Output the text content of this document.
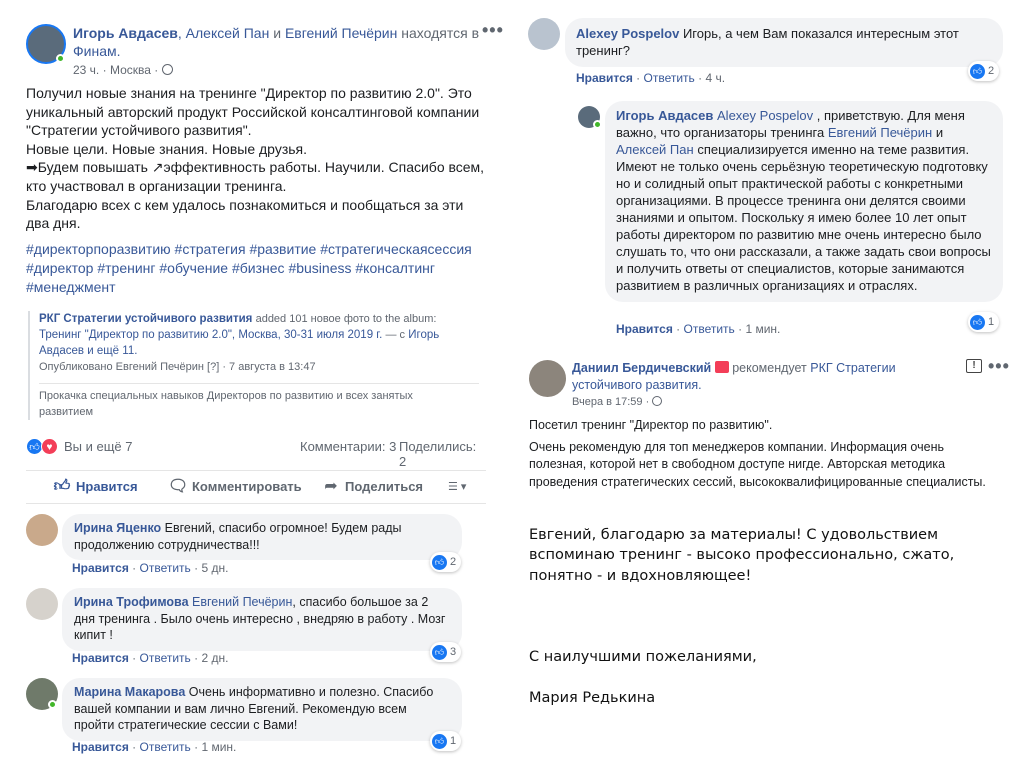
Игорь Авдасев, Алексей Пан и Евгений Печёрин находятся в Финам.
•••
23 ч. · Москва ·
Получил новые знания на тренинге "Директор по развитию 2.0". Это уникальный авторский продукт Российской консалтинговой компании "Стратегии устойчивого развития".
Новые цели. Новые знания. Новые друзья.
➡Будем повышать ↗эффективность работы. Научили. Спасибо всем, кто участвовал в организации тренинга.
Благодарю всех с кем удалось познакомиться и пообщаться за эти два дня.
#директорпоразвитию #стратегия #развитие #стратегическаясессия #директор #тренинг #обучение #бизнес #business #консалтинг #менеджмент
РКГ Стратегии устойчивого развития added 101 новое фото to the album: Тренинг "Директор по развитию 2.0", Москва, 30-31 июля 2019 г. — с Игорь Авдасев и ещё 11.
Опубликовано Евгений Печёрин [?] · 7 августа в 13:47
Прокачка специальных навыков Директоров по развитию и всех занятых развитием
👍︎ ♥ Вы и ещё 7	Комментарии: 3 Поделились: 2
👍︎ Нравится 🗨︎ Комментировать ➦ Поделиться ☰ ▾
Ирина Яценко Евгений, спасибо огромное! Будем рады продолжению сотрудничества!!!
👍︎ 2
Нравится · Ответить · 5 дн.
Ирина Трофимова Евгений Печёрин, спасибо большое за 2 дня тренинга . Было очень интересно , внедряю в работу . Мозг кипит !
👍︎ 3
Нравится · Ответить · 2 дн.
Марина Макарова Очень информативно и полезно. Спасибо вашей компании и вам лично Евгений. Рекомендую всем пройти стратегические сессии с Вами!
👍︎ 1
Нравится · Ответить · 1 мин.
Alexey Pospelov Игорь, а чем Вам показался интересным этот тренинг?
👍︎ 2
Нравится · Ответить · 4 ч.
Игорь Авдасев Alexey Pospelov , приветствую. Для меня важно, что организаторы тренинга Евгений Печёрин и Алексей Пан специализируется именно на теме развития. Имеют не только очень серьёзную теоретическую подготовку но и солидный опыт практической работы с конкретными организациями. В процессе тренинга они делятся своими знаниями и опытом. Поскольку я имею более 10 лет опыт работы директором по развитию мне очень интересно было слушать то, что они рассказали, а также задать свои вопросы и получить ответы от специалистов, которые занимаются развитием в различных организациях и отраслях.
👍︎ 1
Нравится · Ответить · 1 мин.
Даниил Бердичевский рекомендует РКГ Стратегии устойчивого развития.
Вчера в 17:59 ·
! •••
Посетил тренинг "Директор по развитию".
Очень рекомендую для топ менеджеров компании. Информация очень полезная, которой нет в свободном доступе нигде. Авторская методика проведения стратегических сессий, высококвалифицированные специалисты.

Евгений, благодарю за материалы! С удовольствием вспоминаю тренинг - высоко профессионально, сжато, понятно - и вдохновляющее!

С наилучшими пожеланиями,

Мария Редькина
